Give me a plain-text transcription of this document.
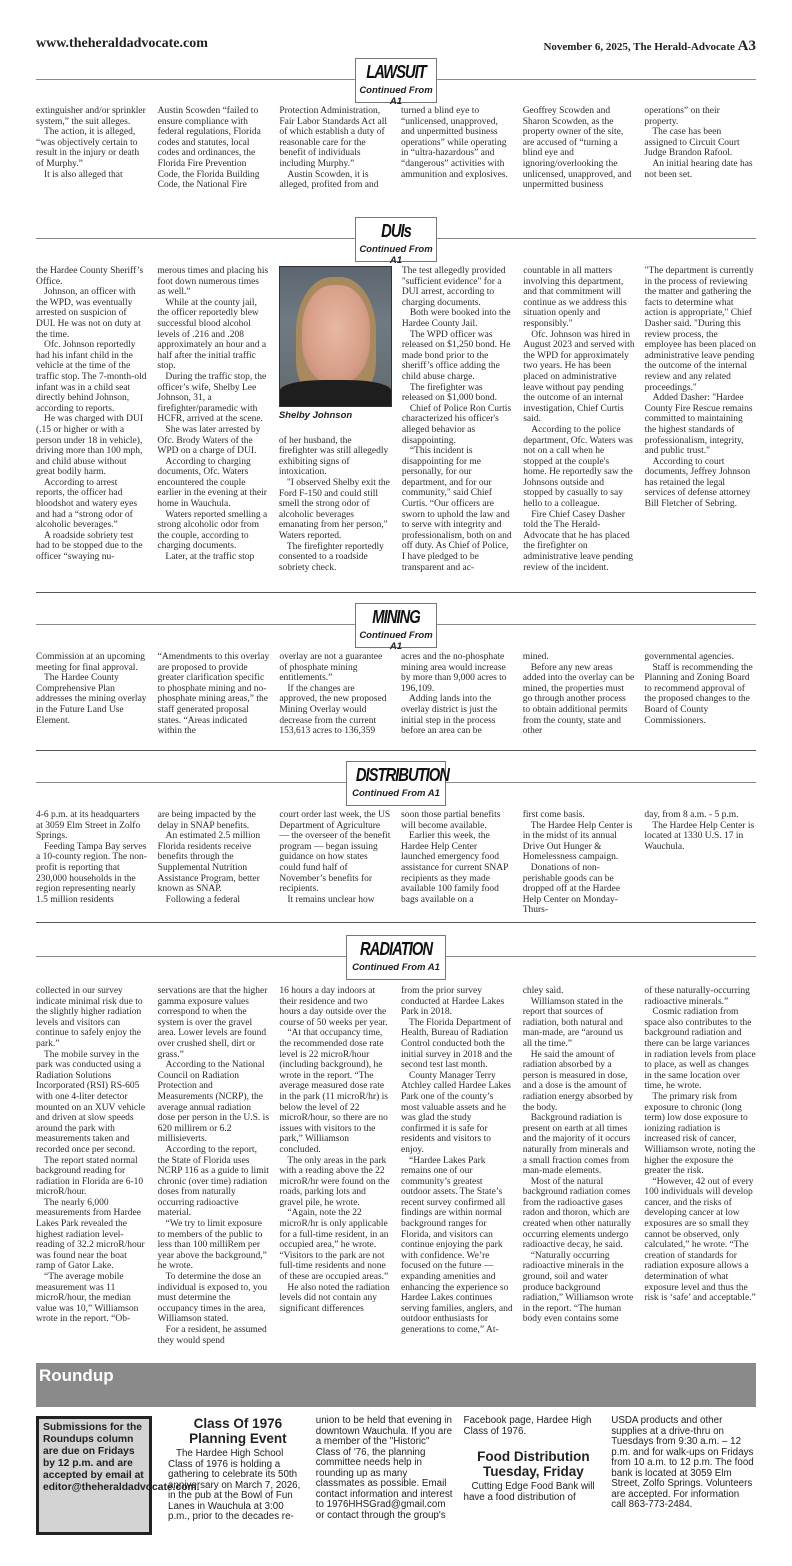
www.theheraldadvocate.com	November 6, 2025, The Herald-Advocate A3
LAWSUIT
Continued From A1

extinguisher and/or sprinkler system,” the suit alleges.

The action, it is alleged, “was objectively certain to result in the injury or death of Murphy.”

It is also alleged that

Austin Scowden “failed to ensure compliance with federal regulations, Florida codes and statutes, local codes and ordinances, the Florida Fire Prevention Code, the Florida Building Code, the National Fire

Protection Administration, Fair Labor Standards Act all of which establish a duty of reasonable care for the benefit of individuals including Murphy.”

Austin Scowden, it is alleged, profited from and

turned a blind eye to “unlicensed, unapproved, and unpermitted business operations” while operating in “ultra-hazardous” and “dangerous” activities with ammunition and explosives.

Geoffrey Scowden and Sharon Scowden, as the property owner of the site, are accused of “turning a blind eye and ignoring/overlooking the unlicensed, unapproved, and unpermitted business

operations” on their property.

The case has been assigned to Circuit Court Judge Brandon Rafool.

An initial hearing date has not been set.

DUIs
Continued From A1

the Hardee County Sheriff’s Office.

Johnson, an officer with the WPD, was eventually arrested on suspicion of DUI. He was not on duty at the time.

Ofc. Johnson reportedly had his infant child in the vehicle at the time of the traffic stop. The 7-month-old infant was in a child seat directly behind Johnson, according to reports.

He was charged with DUI (.15 or higher or with a person under 18 in vehicle), driving more than 100 mph, and child abuse without great bodily harm.

According to arrest reports, the officer had bloodshot and watery eyes and had a “strong odor of alcoholic beverages.”

A roadside sobriety test had to be stopped due to the officer “swaying nu-

merous times and placing his foot down numerous times as well.”

While at the county jail, the officer reportedly blew successful blood alcohol levels of .216 and .208 approximately an hour and a half after the initial traffic stop.

During the traffic stop, the officer’s wife, Shelby Lee Johnson, 31, a firefighter/paramedic with HCFR, arrived at the scene.

She was later arrested by Ofc. Brody Waters of the WPD on a charge of DUI.

According to charging documents, Ofc. Waters encountered the couple earlier in the evening at their home in Wauchula.

Waters reported smelling a strong alcoholic odor from the couple, according to charging documents.

Later, at the traffic stop

Shelby Johnson

of her husband, the firefighter was still allegedly exhibiting signs of intoxication.

"I observed Shelby exit the Ford F-150 and could still smell the strong odor of alcoholic beverages emanating from her person," Waters reported.

The firefighter reportedly consented to a roadside sobriety check.

The test allegedly provided "sufficient evidence" for a DUI arrest, according to charging documents.

Both were booked into the Hardee County Jail.

The WPD officer was released on $1,250 bond. He made bond prior to the sheriff’s office adding the child abuse charge.

The firefighter was released on $1,000 bond.

Chief of Police Ron Curtis characterized his officer's alleged behavior as disappointing.

“This incident is disappointing for me personally, for our department, and for our community," said Chief Curtis. “Our officers are sworn to uphold the law and to serve with integrity and professionalism, both on and off duty. As Chief of Police, I have pledged to be transparent and ac-

countable in all matters involving this department, and that commitment will continue as we address this situation openly and responsibly."

Ofc. Johnson was hired in August 2023 and served with the WPD for approximately two years. He has been placed on administrative leave without pay pending the outcome of an internal investigation, Chief Curtis said.

According to the police department, Ofc. Waters was not on a call when he stopped at the couple's home. He reportedly saw the Johnsons outside and stopped by casually to say hello to a colleague.

Fire Chief Casey Dasher told the The Herald-Advocate that he has placed the firefighter on administrative leave pending review of the incident.

"The department is currently in the process of reviewing the matter and gathering the facts to determine what action is appropriate," Chief Dasher said. "During this review process, the employee has been placed on administrative leave pending the outcome of the internal review and any related proceedings."

Added Dasher: "Hardee County Fire Rescue remains committed to maintaining the highest standards of professionalism, integrity, and public trust."

According to court documents, Jeffrey Johnson has retained the legal services of defense attorney Bill Fletcher of Sebring.

MINING
Continued From A1

Commission at an upcoming meeting for final approval.

The Hardee County Comprehensive Plan addresses the mining overlay in the Future Land Use Element.

“Amendments to this overlay are proposed to provide greater clarification specific to phosphate mining and no-phosphate mining areas,” the staff generated proposal states. “Areas indicated within the

overlay are not a guarantee of phosphate mining entitlements.”

If the changes are approved, the new proposed Mining Overlay would decrease from the current 153,613 acres to 136,359

acres and the no-phosphate mining area would increase by more than 9,000 acres to 196,109.

Adding lands into the overlay district is just the initial step in the process before an area can be

mined.

Before any new areas added into the overlay can be mined, the properties must go through another process to obtain additional permits from the county, state and other

governmental agencies.

Staff is recommending the Planning and Zoning Board to recommend approval of the proposed changes to the Board of County Commissioners.

DISTRIBUTION
Continued From A1

4-6 p.m. at its headquarters at 3059 Elm Street in Zolfo Springs.

Feeding Tampa Bay serves a 10-county region. The non-profit is reporting that 230,000 households in the region representing nearly 1.5 million residents

are being impacted by the delay in SNAP benefits.

An estimated 2.5 million Florida residents receive benefits through the Supplemental Nutrition Assistance Program, better known as SNAP.

Following a federal

court order last week, the US Department of Agriculture — the overseer of the benefit program — began issuing guidance on how states could fund half of November’s benefits for recipients.

It remains unclear how

soon those partial benefits will become available.

Earlier this week, the Hardee Help Center launched emergency food assistance for current SNAP recipients as they made available 100 family food bags available on a

first come basis.

The Hardee Help Center is in the midst of its annual Drive Out Hunger & Homelessness campaign.

Donations of non-perishable goods can be dropped off at the Hardee Help Center on Monday-Thurs-

day, from 8 a.m. - 5 p.m.

The Hardee Help Center is located at 1330 U.S. 17 in Wauchula.

RADIATION
Continued From A1

collected in our survey indicate minimal risk due to the slightly higher radiation levels and visitors can continue to safely enjoy the park.”

The mobile survey in the park was conducted using a Radiation Solutions Incorporated (RSI) RS-605 with one 4-liter detector mounted on an XUV vehicle and driven at slow speeds around the park with measurements taken and recorded once per second.

The report stated normal background reading for radiation in Florida are 6-10 microR/hour.

The nearly 6,000 measurements from Hardee Lakes Park revealed the highest radiation level-reading of 32.2 microR/hour was found near the boat ramp of Gator Lake.

“The average mobile measurement was 11 microR/hour, the median value was 10,” Williamson wrote in the report. “Ob-

servations are that the higher gamma exposure values correspond to when the system is over the gravel area. Lower levels are found over crushed shell, dirt or grass.”

According to the National Council on Radiation Protection and Measurements (NCRP), the average annual radiation dose per person in the U.S. is 620 millirem or 6.2 millisieverts.

According to the report, the State of Florida uses NCRP 116 as a guide to limit chronic (over time) radiation doses from naturally occurring radioactive material.

“We try to limit exposure to members of the public to less than 100 milliRem per year above the background,” he wrote.

To determine the dose an individual is exposed to, you must determine the occupancy times in the area, Williamson stated.

For a resident, he assumed they would spend

16 hours a day indoors at their residence and two hours a day outside over the course of 50 weeks per year.

“At that occupancy time, the recommended dose rate level is 22 microR/hour (including background), he wrote in the report. “The average measured dose rate in the park (11 microR/hr) is below the level of 22 microR/hour, so there are no issues with visitors to the park,” Williamson concluded.

The only areas in the park with a reading above the 22 microR/hr were found on the roads, parking lots and gravel pile, he wrote.

“Again, note the 22 microR/hr is only applicable for a full-time resident, in an occupied area,” he wrote. “Visitors to the park are not full-time residents and none of these are occupied areas.”

He also noted the radiation levels did not contain any significant differences

from the prior survey conducted at Hardee Lakes Park in 2018.

The Florida Department of Health, Bureau of Radiation Control conducted both the initial survey in 2018 and the second test last month.

County Manager Terry Atchley called Hardee Lakes Park one of the county’s most valuable assets and he was glad the study confirmed it is safe for residents and visitors to enjoy.

“Hardee Lakes Park remains one of our community’s greatest outdoor assets. The State’s recent survey confirmed all findings are within normal background ranges for Florida, and visitors can continue enjoying the park with confidence. We’re focused on the future — expanding amenities and enhancing the experience so Hardee Lakes continues serving families, anglers, and outdoor enthusiasts for generations to come,” At-

chley said.

Williamson stated in the report that sources of radiation, both natural and man-made, are “around us all the time.”

He said the amount of radiation absorbed by a person is measured in dose, and a dose is the amount of radiation energy absorbed by the body.

Background radiation is present on earth at all times and the majority of it occurs naturally from minerals and a small fraction comes from man-made elements.

Most of the natural background radiation comes from the radioactive gases radon and thoron, which are created when other naturally occurring elements undergo radioactive decay, he said.

“Naturally occurring radioactive minerals in the ground, soil and water produce background radiation,” Williamson wrote in the report. “The human body even contains some

of these naturally-occurring radioactive minerals.”

Cosmic radiation from space also contributes to the background radiation and there can be large variances in radiation levels from place to place, as well as changes in the same location over time, he wrote.

The primary risk from exposure to chronic (long term) low dose exposure to ionizing radiation is increased risk of cancer, Williamson wrote, noting the higher the exposure the greater the risk.

“However, 42 out of every 100 individuals will develop cancer, and the risks of developing cancer at low exposures are so small they cannot be observed, only calculated,” he wrote. “The creation of standards for radiation exposure allows a determination of what exposure level and thus the risk is ‘safe’ and acceptable.”

Roundup
Submissions for the Roundups column are due on Fridays by 12 p.m. and are accepted by email at editor@theheraldadvocate.com.
Class Of 1976 Planning Event

The Hardee High School Class of 1976 is holding a gathering to celebrate its 50th anniversary on March 7, 2026, in the pub at the Bowl of Fun Lanes in Wauchula at 3:00 p.m., prior to the decades re-

union to be held that evening in downtown Wauchula. If you are a member of the "Historic" Class of '76, the planning committee needs help in rounding up as many classmates as possible. Email contact information and interest to 1976HHSGrad@gmail.com or contact through the group's

Facebook page, Hardee High Class of 1976.

Food Distribution Tuesday, Friday

Cutting Edge Food Bank will have a food distribution of

USDA products and other supplies at a drive-thru on Tuesdays from 9:30 a.m. – 12 p.m. and for walk-ups on Fridays from 10 a.m. to 12 p.m. The food bank is located at 3059 Elm Street, Zolfo Springs. Volunteers are accepted. For information call 863-773-2484.
